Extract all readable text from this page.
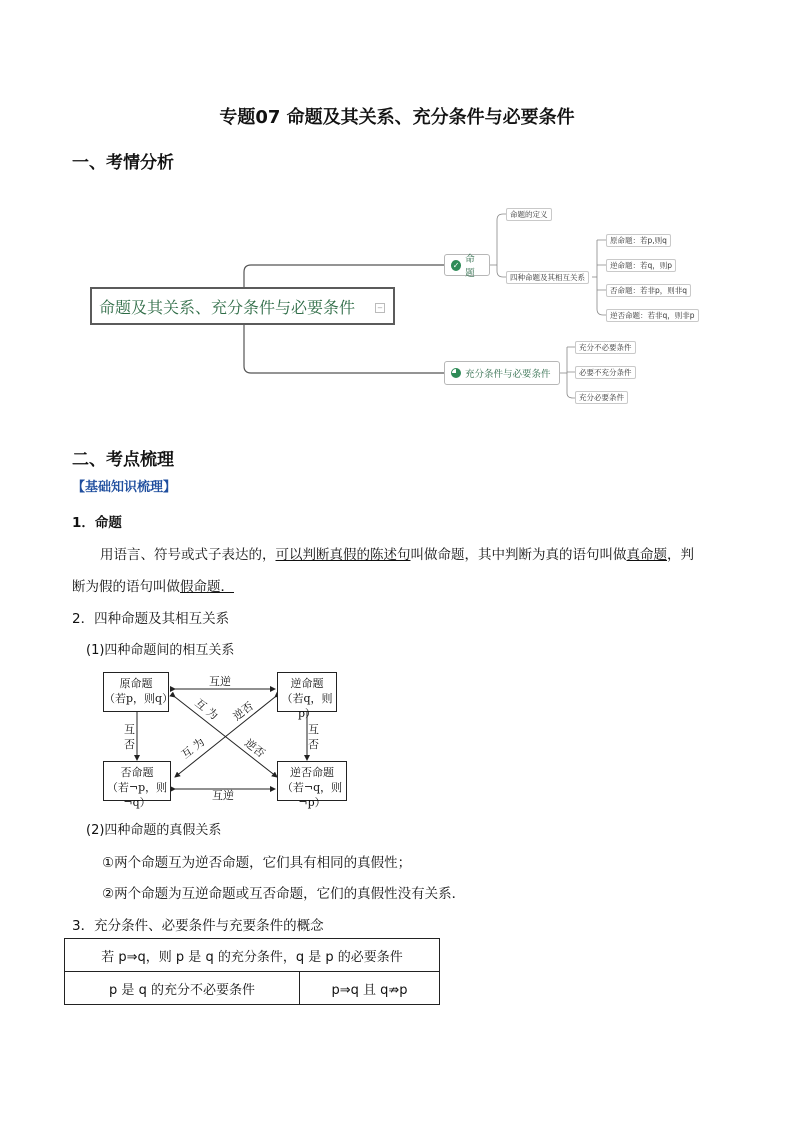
专题07 命题及其关系、充分条件与必要条件
一、考情分析
命题及其关系、充分条件与必要条件	−
✓ 命题
充分条件与必要条件
命题的定义
四种命题及其相互关系
原命题：若p,则q
逆命题：若q，则p
否命题：若非p，则非q
逆否命题：若非q，则非p
充分不必要条件
必要不充分条件
充分必要条件
二、考点梳理
【基础知识梳理】
1．命题
用语言、符号或式子表达的，可以判断真假的陈述句叫做命题，其中判断为真的语句叫做真命题，判
断为假的语句叫做假命题．
2．四种命题及其相互关系
(1)四种命题间的相互关系
原命题
（若p，则q）
逆命题
（若q，则p）
否命题
（若¬p，则¬q）
逆否命题
（若¬q，则¬p）
互逆
互逆
互
否
互
否
互 为 逆否
互 为	逆否
(2)四种命题的真假关系
①两个命题互为逆否命题，它们具有相同的真假性；
②两个命题为互逆命题或互否命题，它们的真假性没有关系．
3．充分条件、必要条件与充要条件的概念
若 p⇒q，则 p 是 q 的充分条件，q 是 p 的必要条件
p 是 q 的充分不必要条件	p⇒q 且 q⇏p
